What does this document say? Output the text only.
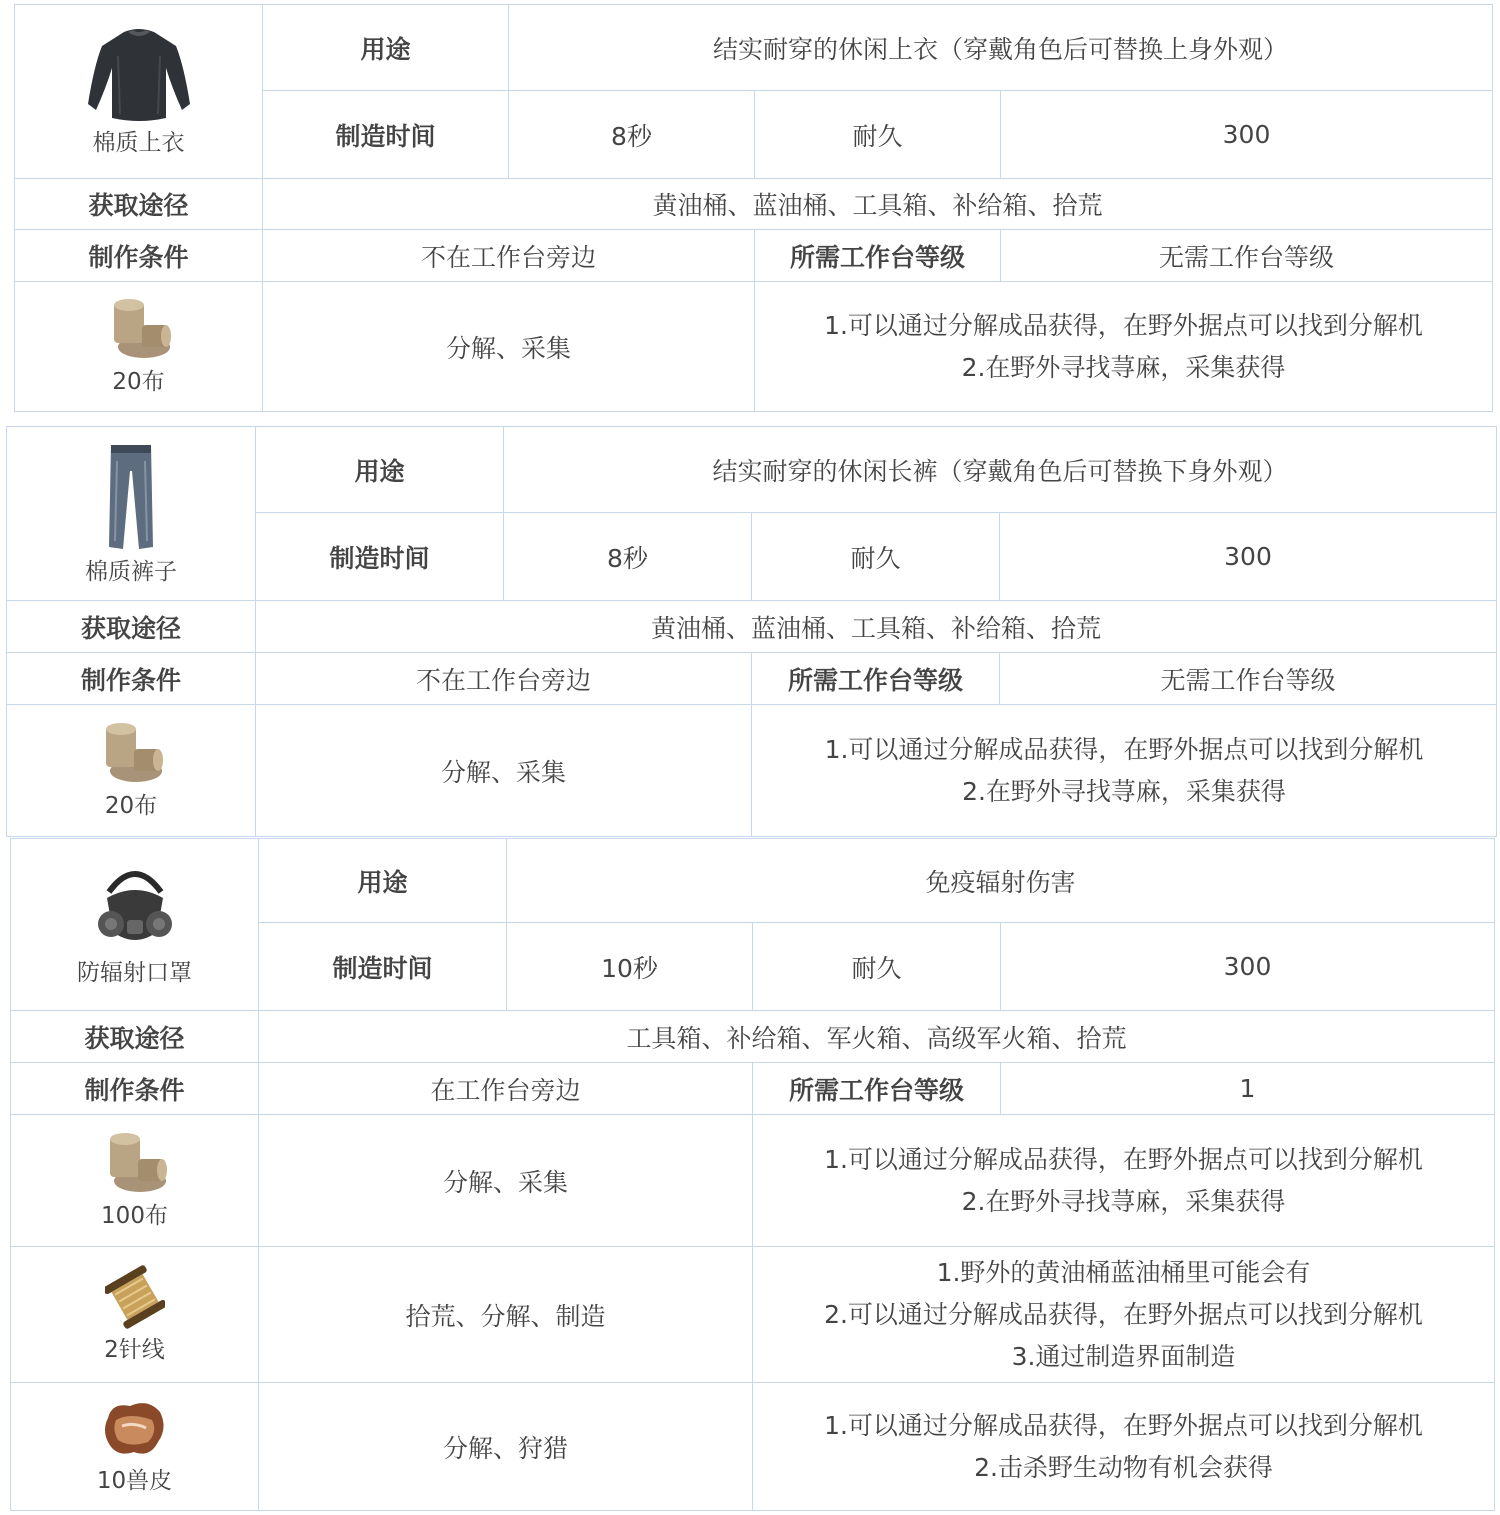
棉质上衣	用途	结实耐穿的休闲上衣（穿戴角色后可替换上身外观）		
	制造时间	8秒	耐久	300
获取途径	黄油桶、蓝油桶、工具箱、补给箱、拾荒			
制作条件	不在工作台旁边		所需工作台等级	无需工作台等级

20布	分解、采集		1.可以通过分解成品获得，在野外据点可以找到分解机
2.在野外寻找荨麻，采集获得	
棉质裤子	用途	结实耐穿的休闲长裤（穿戴角色后可替换下身外观）		
	制造时间	8秒	耐久	300
获取途径	黄油桶、蓝油桶、工具箱、补给箱、拾荒			
制作条件	不在工作台旁边		所需工作台等级	无需工作台等级

20布	分解、采集		1.可以通过分解成品获得，在野外据点可以找到分解机
2.在野外寻找荨麻，采集获得	
防辐射口罩	用途	免疫辐射伤害		
	制造时间	10秒	耐久	300
获取途径	工具箱、补给箱、军火箱、高级军火箱、拾荒			
制作条件	在工作台旁边		所需工作台等级	1

100布	分解、采集		1.可以通过分解成品获得，在野外据点可以找到分解机
2.在野外寻找荨麻，采集获得	

2针线	拾荒、分解、制造		1.野外的黄油桶蓝油桶里可能会有
2.可以通过分解成品获得，在野外据点可以找到分解机
3.通过制造界面制造	

10兽皮	分解、狩猎		1.可以通过分解成品获得，在野外据点可以找到分解机
2.击杀野生动物有机会获得	
